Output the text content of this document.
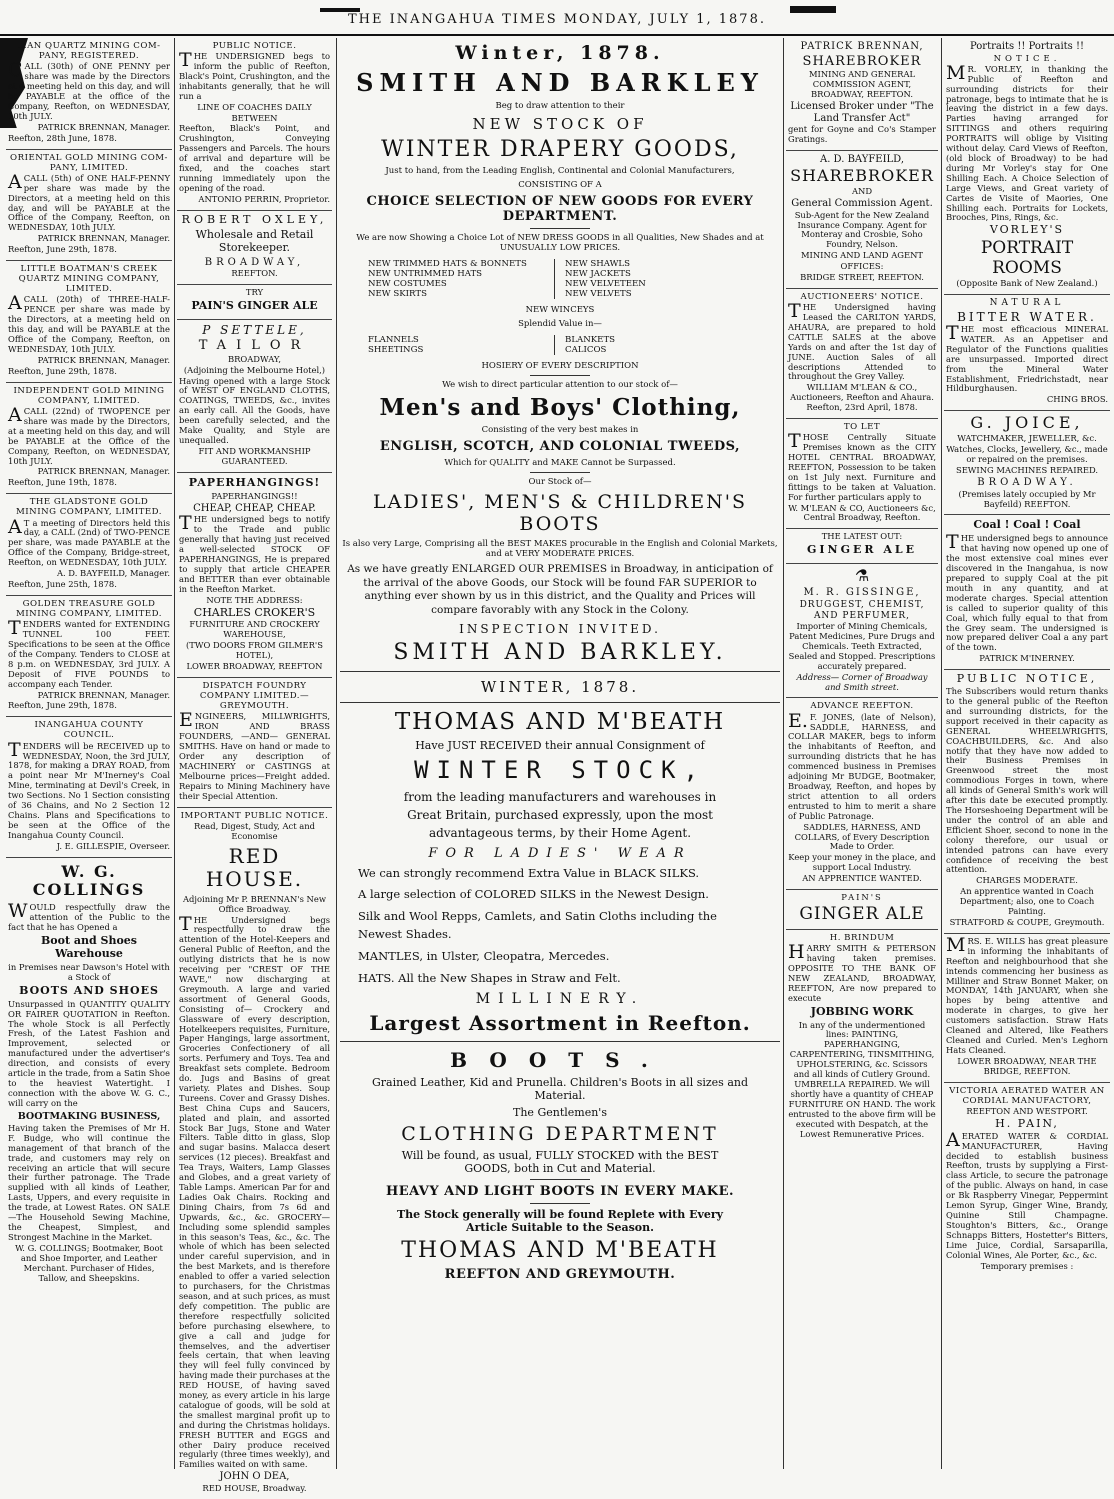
THE INANGAHUA TIMES MONDAY, JULY 1, 1878.

...AN QUARTZ MINING COM-PANY, REGISTERED.

CALL (30th) of ONE PENNY per share was made by the Directors at a meeting held on this day, and will be PAYABLE at the office of the Company, Reefton, on WEDNESDAY, 10th JULY.

PATRICK BRENNAN, Manager.

Reefton, 28th June, 1878.

ORIENTAL GOLD MINING COM-PANY, LIMITED.

ACALL (5th) of ONE HALF-PENNY per share was made by the Directors, at a meeting held on this day, and will be PAYABLE at the Office of the Company, Reefton, on WEDNESDAY, 10th JULY.

PATRICK BRENNAN, Manager.

Reefton, June 29th, 1878.

LITTLE BOATMAN'S CREEK QUARTZ MINING COMPANY, LIMITED.

ACALL (20th) of THREE-HALF-PENCE per share was made by the Directors, at a meeting held on this day, and will be PAYABLE at the Office of the Company, Reefton, on WEDNESDAY, 10th JULY.

PATRICK BRENNAN, Manager.

Reefton, June 29th, 1878.

INDEPENDENT GOLD MINING COMPANY, LIMITED.

ACALL (22nd) of TWOPENCE per share was made by the Directors, at a meeting held on this day, and will be PAYABLE at the Office of the Company, Reefton, on WEDNESDAY, 10th JULY.

PATRICK BRENNAN, Manager.

Reefton, June 19th, 1878.

THE GLADSTONE GOLD MINING COMPANY, LIMITED.

AT a meeting of Directors held this day, a CALL (2nd) of TWO-PENCE per share, was made PAYABLE at the Office of the Company, Bridge-street, Reefton, on WEDNESDAY, 10th JULY.

A. D. BAYFEILD, Manager.

Reefton, June 25th, 1878.

GOLDEN TREASURE GOLD MINING COMPANY, LIMITED.

TENDERS wanted for EXTENDING TUNNEL 100 FEET. Specifications to be seen at the Office of the Company. Tenders to CLOSE at 8 p.m. on WEDNESDAY, 3rd JULY. A Deposit of FIVE POUNDS to accompany each Tender.

PATRICK BRENNAN, Manager.

Reefton, June 29th, 1878.

INANGAHUA COUNTY COUNCIL.

TENDERS will be RECEIVED up to WEDNESDAY, Noon, the 3rd JULY, 1878, for making a DRAY ROAD, from a point near Mr M'Inerney's Coal Mine, terminating at Devil's Creek, in two Sections. No 1 Section consisting of 36 Chains, and No 2 Section 12 Chains. Plans and Specifications to be seen at the Office of the Inangahua County Council.

J. E. GILLESPIE, Overseer.

W. G. COLLINGS

WOULD respectfully draw the attention of the Public to the fact that he has Opened a

Boot and Shoes Warehouse

in Premises near Dawson's Hotel with a Stock of

BOOTS AND SHOES

Unsurpassed in QUANTITY QUALITY OR FAIRER QUOTATION in Reefton. The whole Stock is all Perfectly Fresh, of the Latest Fashion and Improvement, selected or manufactured under the advertiser's direction, and consists of every article in the trade, from a Satin Shoe to the heaviest Watertight. I connection with the above W. G. C., will carry on the

BOOTMAKING BUSINESS,

Having taken the Premises of Mr H. F. Budge, who will continue the management of that branch of the trade, and customers may rely on receiving an article that will secure their further patronage. The Trade supplied with all kinds of Leather, Lasts, Uppers, and every requisite in the trade, at Lowest Rates. ON SALE—The Household Sewing Machine, the Cheapest, Simplest, and Strongest Machine in the Market.

W. G. COLLINGS; Bootmaker, Boot and Shoe Importer, and Leather Merchant. Purchaser of Hides, Tallow, and Sheepskins.

PUBLIC NOTICE.

THE UNDERSIGNED begs to inform the public of Reefton, Black's Point, Crushington, and the inhabitants generally, that he will run a

LINE OF COACHES DAILY

BETWEEN

Reefton, Black's Point, and Crushington, Conveying Passengers and Parcels. The hours of arrival and departure will be fixed, and the coaches start running immediately upon the opening of the road.

ANTONIO PERRIN, Proprietor.

ROBERT OXLEY,

Wholesale and Retail Storekeeper.

BROADWAY,

REEFTON.

TRY

PAIN'S GINGER ALE

P SETTELE,

TAILOR

BROADWAY,

(Adjoining the Melbourne Hotel,)

Having opened with a large Stock of WEST OF ENGLAND CLOTHS, COATINGS, TWEEDS, &c., invites an early call. All the Goods, have been carefully selected, and the Make Quality, and Style are unequalled.

FIT AND WORKMANSHIP GUARANTEED.

PAPERHANGINGS!

PAPERHANGINGS!!

CHEAP, CHEAP, CHEAP.

THE undersigned begs to notify to the Trade and public generally that having just received a well-selected STOCK OF PAPERHANGINGS, He is prepared to supply that article CHEAPER and BETTER than ever obtainable in the Reefton Market.

NOTE THE ADDRESS:

CHARLES CROKER'S

FURNITURE AND CROCKERY WAREHOUSE,

(TWO DOORS FROM GILMER'S HOTEL),

LOWER BROADWAY, REEFTON

DISPATCH FOUNDRY COMPANY LIMITED.—GREYMOUTH.

ENGINEERS, MILLWRIGHTS, IRON AND BRASS FOUNDERS, —AND— GENERAL SMITHS. Have on hand or made to Order any description of MACHINERY or CASTINGS at Melbourne prices—Freight added. Repairs to Mining Machinery have their Special Attention.

IMPORTANT PUBLIC NOTICE.

Read, Digest, Study, Act and Economise

RED HOUSE.

Adjoining Mr P. BRENNAN's New Office Broadway.

THE Undersigned begs respectfully to draw the attention of the Hotel-Keepers and General Public of Reefton, and the outlying districts that he is now receiving per "CREST OF THE WAVE," now discharging at Greymouth. A large and varied assortment of General Goods, Consisting of— Crockery and Glassware of every description, Hotelkeepers requisites, Furniture, Paper Hangings, large assortment, Groceries Confectionery of all sorts. Perfumery and Toys. Tea and Breakfast sets complete. Bedroom do. Jugs and Basins of great variety. Plates and Dishes. Soup Tureens. Cover and Grassy Dishes. Best China Cups and Saucers, plated and plain, and assorted Stock Bar Jugs, Stone and Water Filters. Table ditto in glass, Slop and sugar basins. Malacca desert services (12 pieces). Breakfast and Tea Trays, Waiters, Lamp Glasses and Globes, and a great variety of Table Lamps. American Par for and Ladies Oak Chairs. Rocking and Dining Chairs, from 7s 6d and Upwards, &c., &c. GROCERY—Including some splendid samples in this season's Teas, &c., &c. The whole of which has been selected under careful supervision, and in the best Markets, and is therefore enabled to offer a varied selection to purchasers, for the Christmas season, and at such prices, as must defy competition. The public are therefore respectfully solicited before purchasing elsewhere, to give a call and judge for themselves, and the advertiser feels certain, that when leaving they will feel fully convinced by having made their purchases at the RED HOUSE, of having saved money, as every article in his large catalogue of goods, will be sold at the smallest marginal profit up to and during the Christmas holidays. FRESH BUTTER and EGGS and other Dairy produce received regularly (three times weekly), and Families waited on with same.

JOHN O DEA,

RED HOUSE, Broadway.

Winter, 1878.

SMITH AND BARKLEY

Beg to draw attention to their

NEW STOCK OF

WINTER DRAPERY GOODS,

Just to hand, from the Leading English, Continental and Colonial Manufacturers,

CONSISTING OF A

CHOICE SELECTION OF NEW GOODS FOR EVERY DEPARTMENT.

We are now Showing a Choice Lot of NEW DRESS GOODS in all Qualities, New Shades and at UNUSUALLY LOW PRICES.

NEW TRIMMED HATS & BONNETS
NEW UNTRIMMED HATS
NEW COSTUMES
NEW SKIRTS
NEW SHAWLS
NEW JACKETS
NEW VELVETEEN
NEW VELVETS

NEW WINCEYS

Splendid Value in—

FLANNELS
SHEETINGS
BLANKETS
CALICOS

HOSIERY OF EVERY DESCRIPTION

We wish to direct particular attention to our stock of—

Men's and Boys' Clothing,

Consisting of the very best makes in

ENGLISH, SCOTCH, AND COLONIAL TWEEDS,

Which for QUALITY and MAKE Cannot be Surpassed.

Our Stock of—

LADIES', MEN'S & CHILDREN'S BOOTS

Is also very Large, Comprising all the BEST MAKES procurable in the English and Colonial Markets, and at VERY MODERATE PRICES.

As we have greatly ENLARGED OUR PREMISES in Broadway, in anticipation of the arrival of the above Goods, our Stock will be found FAR SUPERIOR to anything ever shown by us in this district, and the Quality and Prices will compare favorably with any Stock in the Colony.

INSPECTION INVITED.

SMITH AND BARKLEY.

WINTER, 1878.

THOMAS AND M'BEATH

Have JUST RECEIVED their annual Consignment of

WINTER STOCK,

from the leading manufacturers and warehouses in Great Britain, purchased expressly, upon the most advantageous terms, by their Home Agent.

FOR LADIES' WEAR

We can strongly recommend Extra Value in BLACK SILKS.

A large selection of COLORED SILKS in the Newest Design.

Silk and Wool Repps, Camlets, and Satin Cloths including the Newest Shades.

MANTLES, in Ulster, Cleopatra, Mercedes.

HATS. All the New Shapes in Straw and Felt.

MILLINERY.

Largest Assortment in Reefton.

BOOTS.

Grained Leather, Kid and Prunella. Children's Boots in all sizes and Material.

The Gentlemen's

CLOTHING DEPARTMENT

Will be found, as usual, FULLY STOCKED with the BEST GOODS, both in Cut and Material.

HEAVY AND LIGHT BOOTS IN EVERY MAKE.

The Stock generally will be found Replete with Every Article Suitable to the Season.

THOMAS AND M'BEATH

REEFTON AND GREYMOUTH.

PATRICK BRENNAN,

SHAREBROKER

MINING AND GENERAL COMMISSION AGENT, BROADWAY, REEFTON.

Licensed Broker under "The Land Transfer Act"

gent for Goyne and Co's Stamper Gratings.

A. D. BAYFEILD,

SHAREBROKER

AND

General Commission Agent.

Sub-Agent for the New Zealand Insurance Company. Agent for Monteray and Crosbie, Soho Foundry, Nelson.

MINING AND LAND AGENT

OFFICES:

BRIDGE STREET, REEFTON.

AUCTIONEERS' NOTICE.

THE Undersigned having Leased the CARLTON YARDS, AHAURA, are prepared to hold CATTLE SALES at the above Yards on and after the 1st day of JUNE. Auction Sales of all descriptions Attended to throughout the Grey Valley.

WILLIAM M'LEAN & CO., Auctioneers, Reefton and Ahaura. Reefton, 23rd April, 1878.

TO LET

THOSE Centrally Situate Premises known as the CITY HOTEL CENTRAL BROADWAY, REEFTON, Possession to be taken on 1st July next. Furniture and fittings to be taken at Valuation. For further particulars apply to

W. M'LEAN & CO, Auctioneers &c, Central Broadway, Reefton.

THE LATEST OUT:

GINGER ALE

⚗

M. R. GISSINGE,

DRUGGEST, CHEMIST, AND PERFUMER,

Importer of Mining Chemicals, Patent Medicines, Pure Drugs and Chemicals. Teeth Extracted, Sealed and Stopped. Prescriptions accurately prepared.

Address— Corner of Broadway and Smith street.

ADVANCE REEFTON.

E.F. JONES, (late of Nelson), SADDLE, HARNESS, and COLLAR MAKER, begs to inform the inhabitants of Reefton, and surrounding districts that he has commenced business in Premises adjoining Mr BUDGE, Bootmaker, Broadway, Reefton, and hopes by strict attention to all orders entrusted to him to merit a share of Public Patronage.

SADDLES, HARNESS, AND COLLARS, of Every Description Made to Order.

Keep your money in the place, and support Local Industry.

AN APPRENTICE WANTED.

PAIN'S

GINGER ALE

H. BRINDUM

HARRY SMITH & PETERSON having taken premises. OPPOSITE TO THE BANK OF NEW ZEALAND, BROADWAY, REEFTON, Are now prepared to execute

JOBBING WORK

In any of the undermentioned lines: PAINTING, PAPERHANGING, CARPENTERING, TINSMITHING, UPHOLSTERING, &c. Scissors and all kinds of Cutlery Ground. UMBRELLA REPAIRED. We will shortly have a quantity of CHEAP FURNITURE ON HAND. The work entrusted to the above firm will be executed with Despatch, at the Lowest Remunerative Prices.

Portraits !! Portraits !!

NOTICE.

MR. VORLEY, in thanking the Public of Reefton and surrounding districts for their patronage, begs to intimate that he is leaving the district in a few days. Parties having arranged for SITTINGS and others requiring PORTRAITS will oblige by Visiting without delay. Card Views of Reefton, (old block of Broadway) to be had during Mr Vorley's stay for One Shilling Each. A Choice Selection of Large Views, and Great variety of Cartes de Visite of Maories, One Shilling each. Portraits for Lockets, Brooches, Pins, Rings, &c.

VORLEY'S

PORTRAIT ROOMS

(Opposite Bank of New Zealand.)

NATURAL

BITTER WATER.

THE most efficacious MINERAL WATER. As an Appetiser and Regulator of the Functions qualities are unsurpassed. Imported direct from the Mineral Water Establishment, Friedrichstadt, near Hildburghausen.

CHING BROS.

G. JOICE,

WATCHMAKER, JEWELLER, &c.

Watches, Clocks, Jewellery, &c., made or repaired on the premises.

SEWING MACHINES REPAIRED.

BROADWAY.

(Premises lately occupied by Mr Bayfeild) REEFTON.

Coal ! Coal ! Coal

THE undersigned begs to announce that having now opened up one of the most extensive coal mines ever discovered in the Inangahua, is now prepared to supply Coal at the pit mouth in any quantity, and at moderate charges. Special attention is called to superior quality of this Coal, which fully equal to that from the Grey seam. The undersigned is now prepared deliver Coal a any part of the town.

PATRICK M'INERNEY.

PUBLIC NOTICE,

The Subscribers would return thanks to the general public of the Reefton and surrounding districts, for the support received in their capacity as GENERAL WHEELWRIGHTS, COACHBUILDERS, &c. And also notify that they have now added to their Business Premises in Greenwood street the most commodious Forges in town, where all kinds of General Smith's work will after this date be executed promptly. The Horseshoeing Department will be under the control of an able and Efficient Shoer, second to none in the colony therefore, our usual or intended patrons can have every confidence of receiving the best attention.

CHARGES MODERATE.

An apprentice wanted in Coach Department; also, one to Coach Painting.

STRATFORD & COUPE, Greymouth.

MRS. E. WILLS has great pleasure in informing the inhabitants of Reefton and neighbourhood that she intends commencing her business as Milliner and Straw Bonnet Maker, on MONDAY, 14th JANUARY, when she hopes by being attentive and moderate in charges, to give her customers satisfaction. Straw Hats Cleaned and Altered, like Feathers Cleaned and Curled. Men's Leghorn Hats Cleaned.

LOWER BROADWAY, NEAR THE BRIDGE, REEFTON.

VICTORIA AERATED WATER AN CORDIAL MANUFACTORY,

REEFTON AND WESTPORT.

H. PAIN,

AERATED WATER & CORDIAL MANUFACTURER, Having decided to establish business Reefton, trusts by supplying a First-class Article, to secure the patronage of the public. Always on hand, in case or Bk Raspberry Vinegar, Peppermint Lemon Syrup, Ginger Wine, Brandy, Quinine Still Champagne. Stoughton's Bitters, &c., Orange Schnapps Bitters, Hostetter's Bitters, Lime Juice, Cordial, Sarsaparilla, Colonial Wines, Ale Porter, &c., &c.

Temporary premises :
